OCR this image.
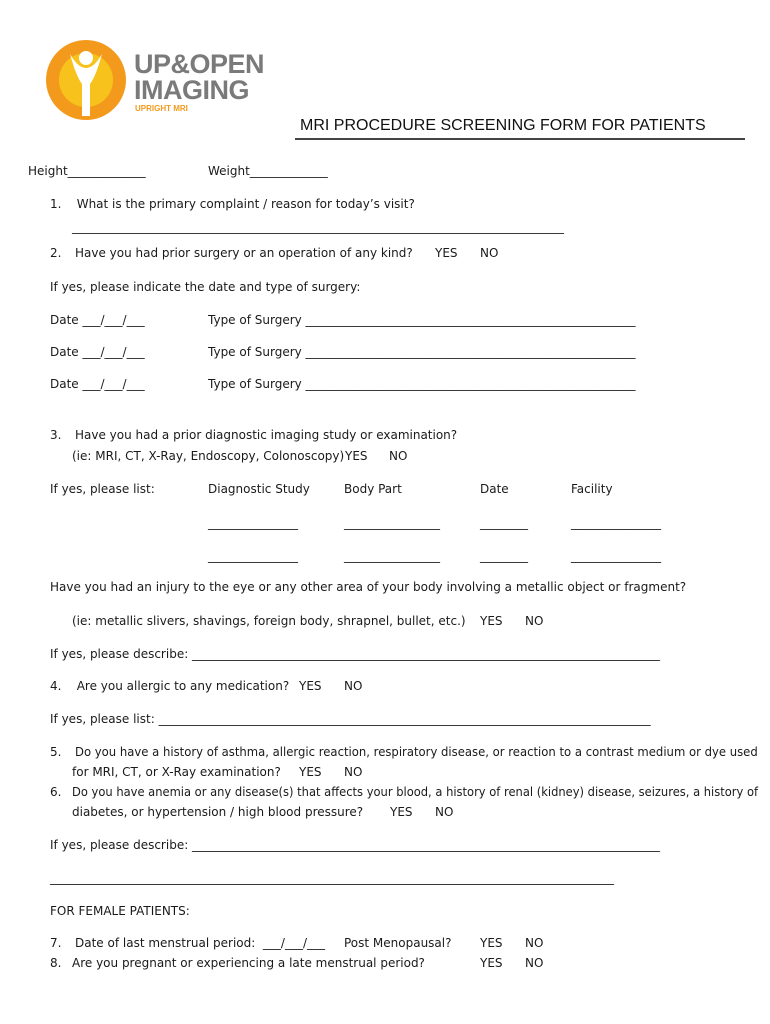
UP&OPEN
IMAGING
UPRIGHT MRI
MRI PROCEDURE SCREENING FORM FOR PATIENTS
Height_____________	Weight_____________
1.    What is the primary complaint / reason for today’s visit?
__________________________________________________________________________________
2. Have you had prior surgery or an operation of any kind? YES NO
If yes, please indicate the date and type of surgery:
Date ___/___/___	Type of Surgery _______________________________________________________
Date ___/___/___	Type of Surgery _______________________________________________________
Date ___/___/___	Type of Surgery _______________________________________________________
3. Have you had a prior diagnostic imaging study or examination?
(ie: MRI, CT, X-Ray, Endoscopy, Colonoscopy) YES NO
If yes, please list:	Diagnostic Study	Body Part	Date	Facility
_______________	________________	________	_______________
_______________	________________	________	_______________
Have you had an injury to the eye or any other area of your body involving a metallic object or fragment?
(ie: metallic slivers, shavings, foreign body, shrapnel, bullet, etc.) YES NO
If yes, please describe: ______________________________________________________________________________
4.    Are you allergic to any medication? YES NO
If yes, please list: __________________________________________________________________________________
5. Do you have a history of asthma, allergic reaction, respiratory disease, or reaction to a contrast medium or dye used
for MRI, CT, or X-Ray examination? YES NO
6. Do you have anemia or any disease(s) that affects your blood, a history of renal (kidney) disease, seizures, a history of
diabetes, or hypertension / high blood pressure? YES NO
If yes, please describe: ______________________________________________________________________________
______________________________________________________________________________________________
FOR FEMALE PATIENTS:
7. Date of last menstrual period:  ___/___/___ Post Menopausal? YES NO
8. Are you pregnant or experiencing a late menstrual period?	YES NO
